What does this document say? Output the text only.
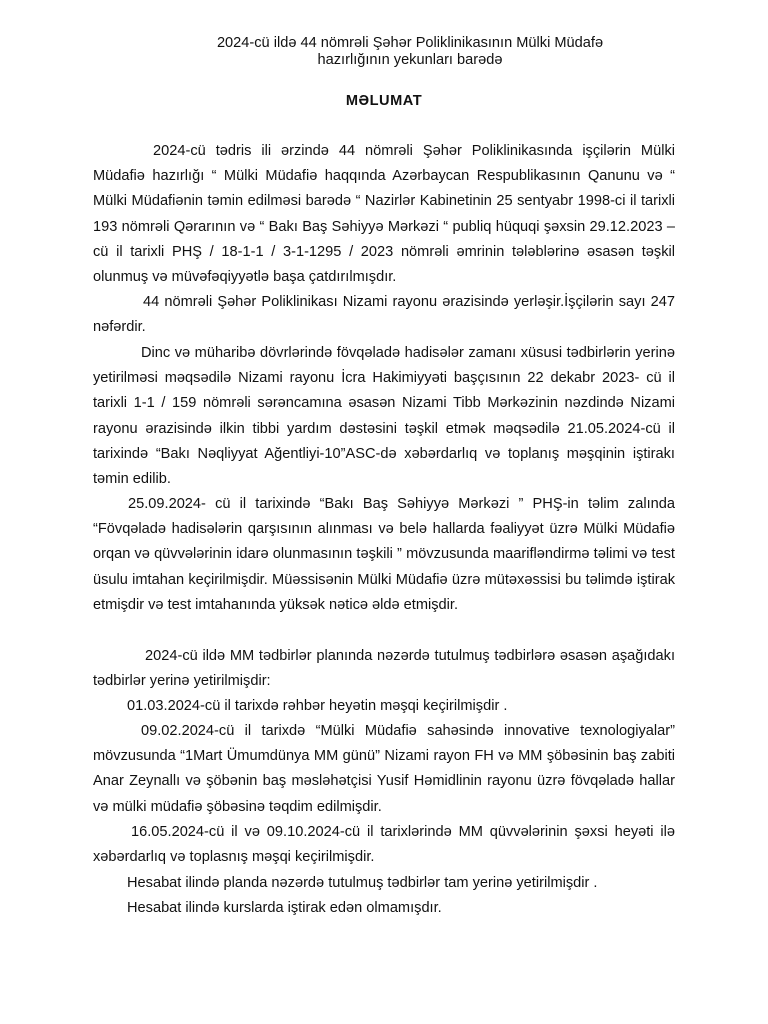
2024-cü ildə 44 nömrəli Şəhər Poliklinikasının Mülki Müdafə
hazırlığının yekunları barədə
MƏLUMAT

2024-cü tədris ili ərzində 44 nömrəli Şəhər Poliklinikasında işçilərin Mülki Müdafiə hazırlığı “ Mülki Müdafiə haqqında Azərbaycan Respublikasının Qanunu və “ Mülki Müdafiənin təmin edilməsi barədə “ Nazirlər Kabinetinin 25 sentyabr 1998-ci il tarixli 193 nömrəli Qərarının və “ Bakı Baş Səhiyyə Mərkəzi “ publiq hüquqi şəxsin 29.12.2023 – cü il tarixli PHŞ / 18-1-1 / 3-1-1295 / 2023 nömrəli əmrinin tələblərinə əsasən təşkil olunmuş və müvəfəqiyyətlə başa çatdırılmışdır.

44 nömrəli Şəhər Poliklinikası Nizami rayonu ərazisində yerləşir.İşçilərin sayı 247 nəfərdir.

Dinc və müharibə dövrlərində fövqəladə hadisələr zamanı xüsusi tədbirlərin yerinə yetirilməsi məqsədilə Nizami rayonu İcra Hakimiyyəti başçısının 22 dekabr 2023- cü il tarixli 1-1 / 159 nömrəli sərəncamına əsasən Nizami Tibb Mərkəzinin nəzdində Nizami rayonu ərazisində ilkin tibbi yardım dəstəsini təşkil etmək məqsədilə 21.05.2024-cü il tarixində “Bakı Nəqliyyat Ağentliyi-10”ASC-də xəbərdarlıq və toplanış məşqinin iştirakı təmin edilib.

25.09.2024- cü il tarixində “Bakı Baş Səhiyyə Mərkəzi ” PHŞ-in təlim zalında “Fövqəladə hadisələrin qarşısının alınması və belə hallarda fəaliyyət üzrə Mülki Müdafiə orqan və qüvvələrinin idarə olunmasının təşkili ” mövzusunda maarifləndirmə təlimi və test üsulu imtahan keçirilmişdir. Müəssisənin Mülki Müdafiə üzrə mütəxəssisi bu təlimdə iştirak etmişdir və test imtahanında yüksək nəticə əldə etmişdir.

2024-cü ildə MM tədbirlər planında nəzərdə tutulmuş tədbirlərə əsasən aşağıdakı tədbirlər yerinə yetirilmişdir:

01.03.2024-cü il tarixdə rəhbər heyətin məşqi keçirilmişdir .

09.02.2024-cü il tarixdə “Mülki Müdafiə sahəsində innovative texnologiyalar” mövzusunda “1Mart Ümumdünya MM günü” Nizami rayon FH və MM şöbəsinin baş zabiti Anar Zeynallı və şöbənin baş məsləhətçisi Yusif Həmidlinin rayonu üzrə fövqəladə hallar və mülki müdafiə şöbəsinə təqdim edilmişdir.

16.05.2024-cü il və 09.10.2024-cü il tarixlərində MM qüvvələrinin şəxsi heyəti ilə xəbərdarlıq və toplasnış məşqi keçirilmişdir.

Hesabat ilində planda nəzərdə tutulmuş tədbirlər tam yerinə yetirilmişdir .

Hesabat ilində kurslarda iştirak edən olmamışdır.
